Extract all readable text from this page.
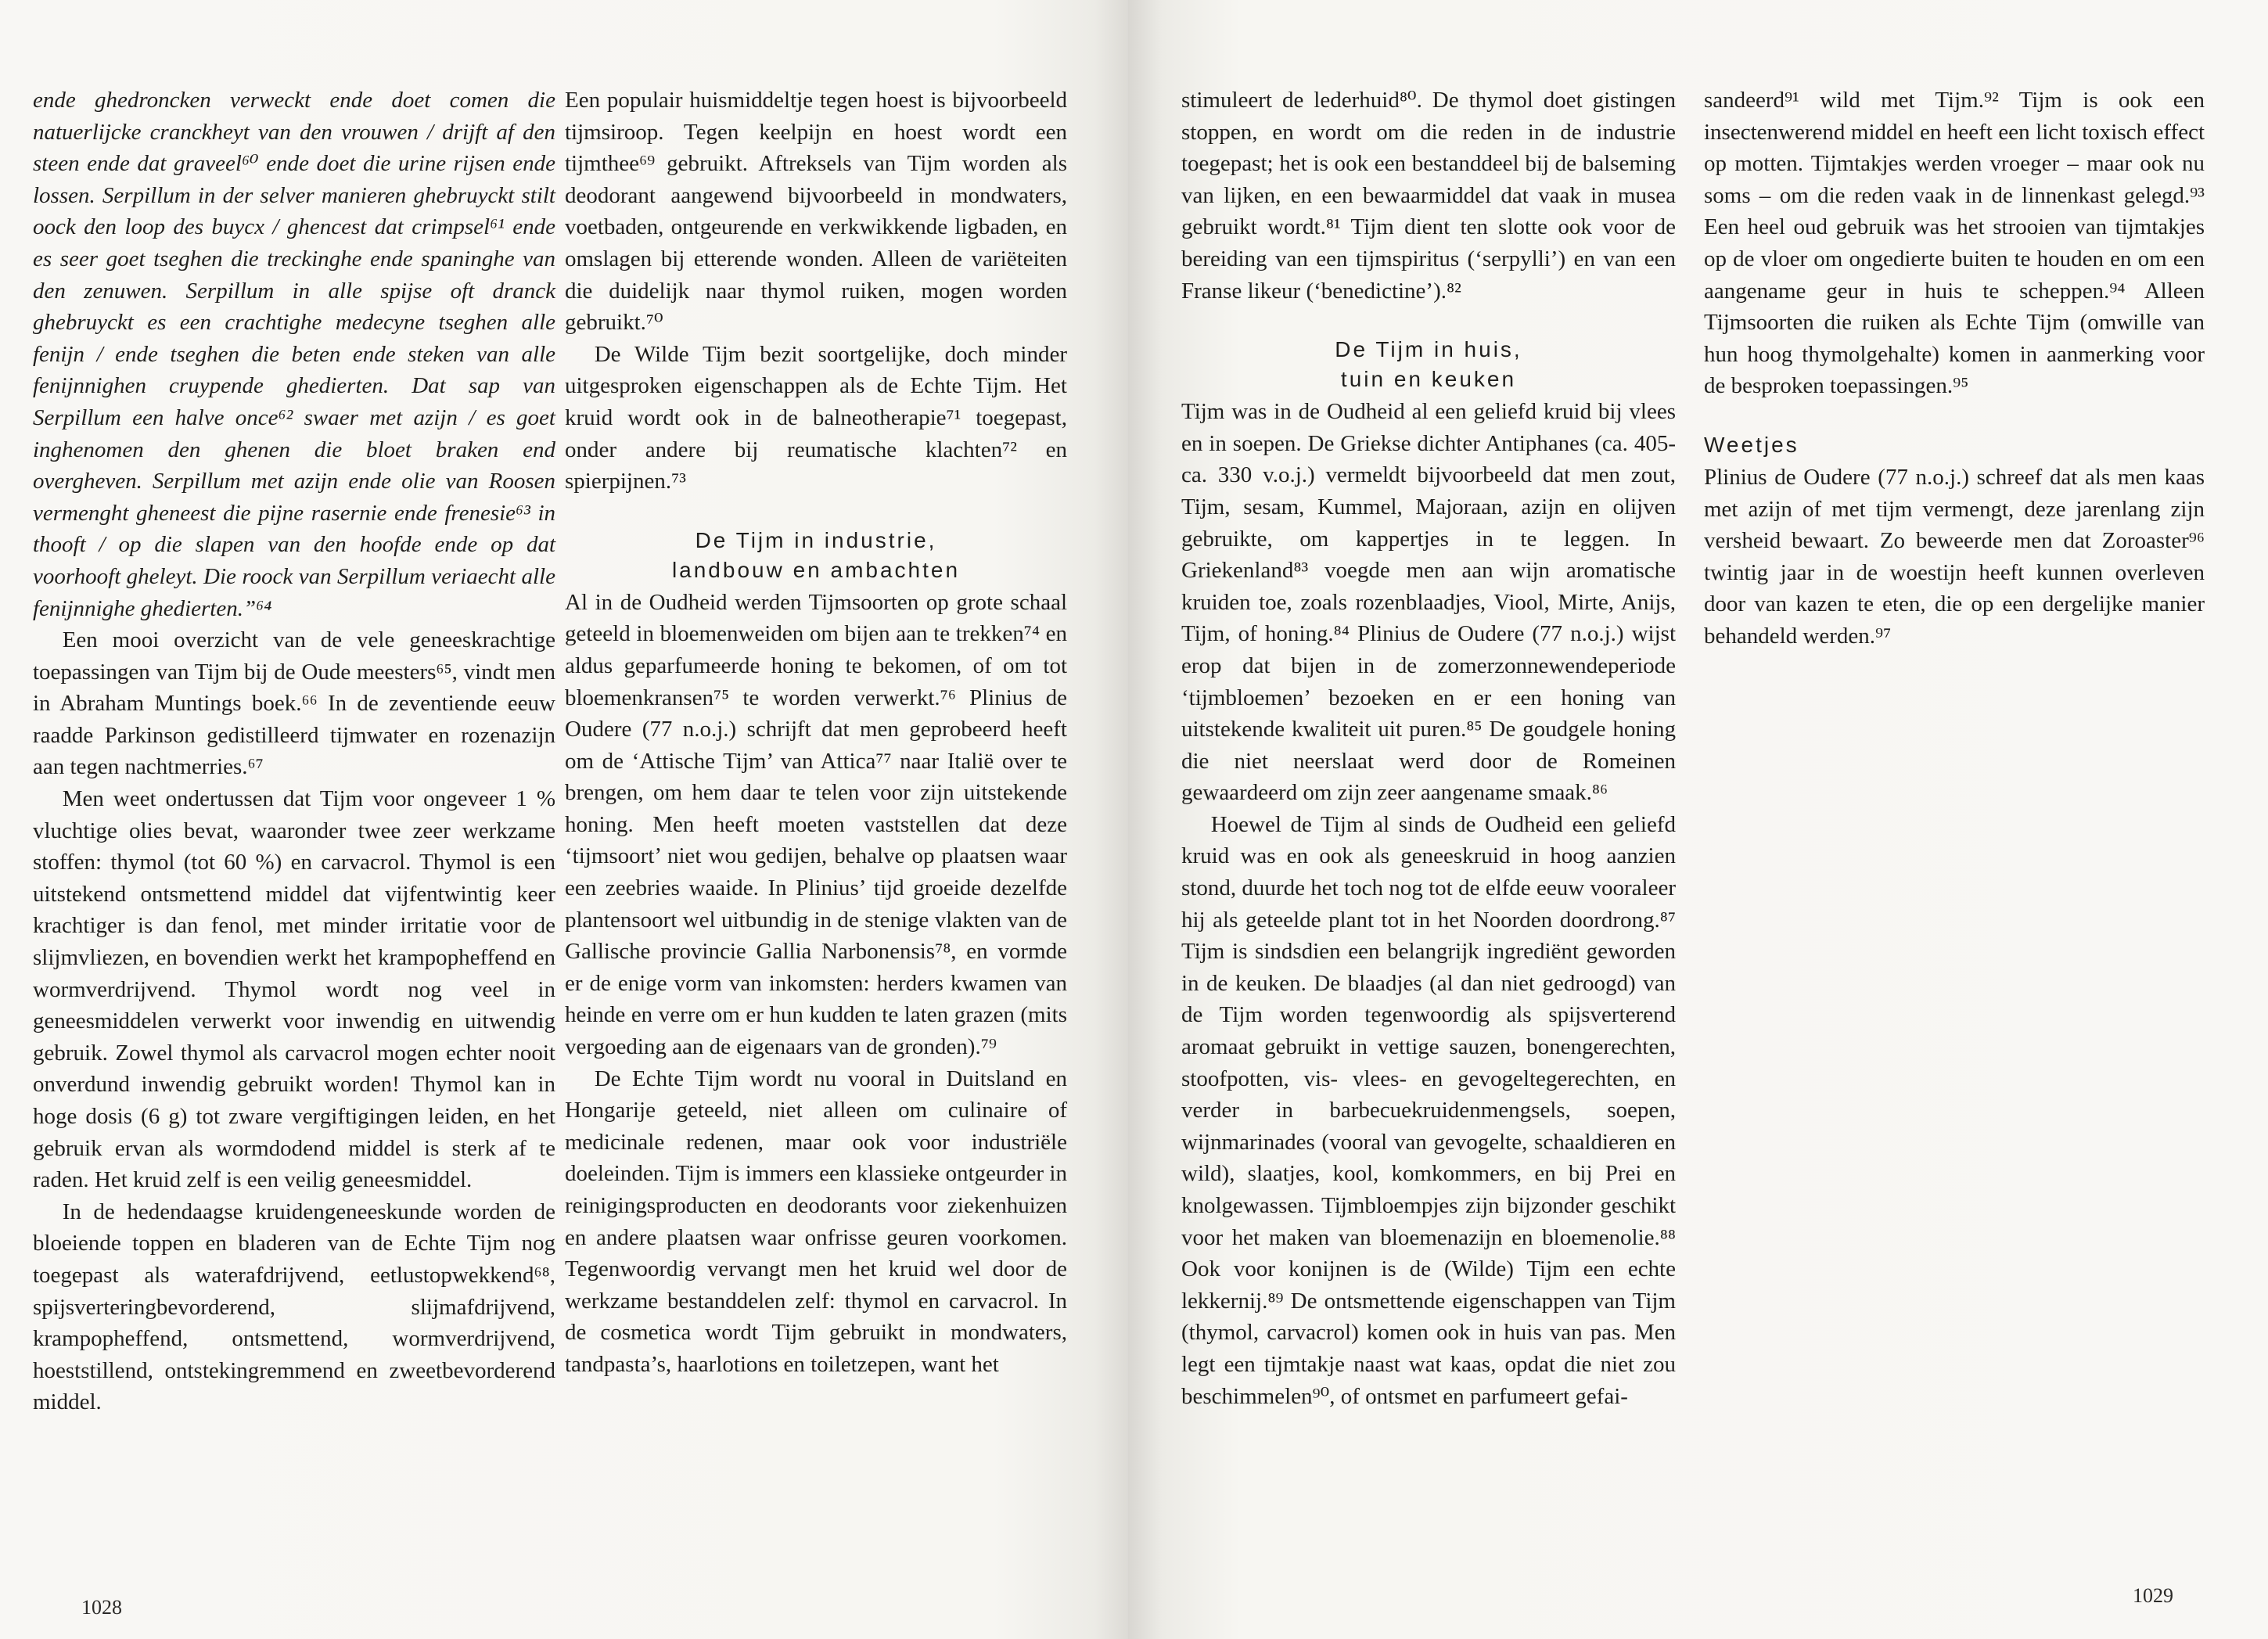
ende ghedroncken verweckt ende doet comen die natuerlijcke cranckheyt van den vrouwen / drijft af den steen ende dat graveel⁶⁰ ende doet die urine rijsen ende lossen. Serpillum in der selver manieren ghebruyckt stilt oock den loop des buycx / ghencest dat crimpsel⁶¹ ende es seer goet tseghen die treckinghe ende spaninghe van den zenuwen. Serpillum in alle spijse oft dranck ghebruyckt es een crachtighe medecyne tseghen alle fenijn / ende tseghen die beten ende steken van alle fenijnnighen cruypende ghedierten. Dat sap van Serpillum een halve once⁶² swaer met azijn / es goet inghenomen den ghenen die bloet braken end overgheven. Serpillum met azijn ende olie van Roosen vermenght gheneest die pijne rasernie ende frenesie⁶³ in thooft / op die slapen van den hoofde ende op dat voorhooft gheleyt. Die roock van Serpillum veriaecht alle fenijnnighe ghedierten.”⁶⁴

Een mooi overzicht van de vele geneeskrachtige toepassingen van Tijm bij de Oude meesters⁶⁵, vindt men in Abraham Muntings boek.⁶⁶ In de zeventiende eeuw raadde Parkinson gedistilleerd tijmwater en rozenazijn aan tegen nachtmerries.⁶⁷

Men weet ondertussen dat Tijm voor ongeveer 1 % vluchtige olies bevat, waaronder twee zeer werkzame stoffen: thymol (tot 60 %) en carvacrol. Thymol is een uitstekend ontsmettend middel dat vijfentwintig keer krachtiger is dan fenol, met minder irritatie voor de slijmvliezen, en bovendien werkt het krampopheffend en wormverdrijvend. Thymol wordt nog veel in geneesmiddelen verwerkt voor inwendig en uitwendig gebruik. Zowel thymol als carvacrol mogen echter nooit onverdund inwendig gebruikt worden! Thymol kan in hoge dosis (6 g) tot zware vergiftigingen leiden, en het gebruik ervan als wormdodend middel is sterk af te raden. Het kruid zelf is een veilig geneesmiddel.

In de hedendaagse kruidengeneeskunde worden de bloeiende toppen en bladeren van de Echte Tijm nog toegepast als waterafdrijvend, eetlustopwekkend⁶⁸, spijsverteringbevorderend, slijmafdrijvend, krampopheffend, ontsmettend, wormverdrijvend, hoeststillend, ontstekingremmend en zweetbevorderend middel.

Een populair huismiddeltje tegen hoest is bijvoorbeeld tijmsiroop. Tegen keelpijn en hoest wordt een tijmthee⁶⁹ gebruikt. Aftreksels van Tijm worden als deodorant aangewend bijvoorbeeld in mondwaters, voetbaden, ontgeurende en verkwikkende ligbaden, en omslagen bij etterende wonden. Alleen de variëteiten die duidelijk naar thymol ruiken, mogen worden gebruikt.⁷⁰

De Wilde Tijm bezit soortgelijke, doch minder uitgesproken eigenschappen als de Echte Tijm. Het kruid wordt ook in de balneotherapie⁷¹ toegepast, onder andere bij reumatische klachten⁷² en spierpijnen.⁷³

De Tijm in industrie,
landbouw en ambachten

Al in de Oudheid werden Tijmsoorten op grote schaal geteeld in bloemenweiden om bijen aan te trekken⁷⁴ en aldus geparfumeerde honing te bekomen, of om tot bloemenkransen⁷⁵ te worden verwerkt.⁷⁶ Plinius de Oudere (77 n.o.j.) schrijft dat men geprobeerd heeft om de ‘Attische Tijm’ van Attica⁷⁷ naar Italië over te brengen, om hem daar te telen voor zijn uitstekende honing. Men heeft moeten vaststellen dat deze ‘tijmsoort’ niet wou gedijen, behalve op plaatsen waar een zeebries waaide. In Plinius’ tijd groeide dezelfde plantensoort wel uitbundig in de stenige vlakten van de Gallische provincie Gallia Narbonensis⁷⁸, en vormde er de enige vorm van inkomsten: herders kwamen van heinde en verre om er hun kudden te laten grazen (mits vergoeding aan de eigenaars van de gronden).⁷⁹

De Echte Tijm wordt nu vooral in Duitsland en Hongarije geteeld, niet alleen om culinaire of medicinale redenen, maar ook voor industriële doeleinden. Tijm is immers een klassieke ontgeurder in reinigingsproducten en deodorants voor ziekenhuizen en andere plaatsen waar onfrisse geuren voorkomen. Tegenwoordig vervangt men het kruid wel door de werkzame bestanddelen zelf: thymol en carvacrol. In de cosmetica wordt Tijm gebruikt in mondwaters, tandpasta’s, haarlotions en toiletzepen, want het

1028

stimuleert de lederhuid⁸⁰. De thymol doet gistingen stoppen, en wordt om die reden in de industrie toegepast; het is ook een bestanddeel bij de balseming van lijken, en een bewaarmiddel dat vaak in musea gebruikt wordt.⁸¹ Tijm dient ten slotte ook voor de bereiding van een tijmspiritus (‘serpylli’) en van een Franse likeur (‘benedictine’).⁸²

De Tijm in huis,
tuin en keuken

Tijm was in de Oudheid al een geliefd kruid bij vlees en in soepen. De Griekse dichter Antiphanes (ca. 405-ca. 330 v.o.j.) vermeldt bijvoorbeeld dat men zout, Tijm, sesam, Kummel, Majoraan, azijn en olijven gebruikte, om kappertjes in te leggen. In Griekenland⁸³ voegde men aan wijn aromatische kruiden toe, zoals rozenblaadjes, Viool, Mirte, Anijs, Tijm, of honing.⁸⁴ Plinius de Oudere (77 n.o.j.) wijst erop dat bijen in de zomerzonnewendeperiode ‘tijmbloemen’ bezoeken en er een honing van uitstekende kwaliteit uit puren.⁸⁵ De goudgele honing die niet neerslaat werd door de Romeinen gewaardeerd om zijn zeer aangename smaak.⁸⁶

Hoewel de Tijm al sinds de Oudheid een geliefd kruid was en ook als geneeskruid in hoog aanzien stond, duurde het toch nog tot de elfde eeuw vooraleer hij als geteelde plant tot in het Noorden doordrong.⁸⁷ Tijm is sindsdien een belangrijk ingrediënt geworden in de keuken. De blaadjes (al dan niet gedroogd) van de Tijm worden tegenwoordig als spijsverterend aromaat gebruikt in vettige sauzen, bonengerechten, stoofpotten, vis- vlees- en gevogeltegerechten, en verder in barbecuekruidenmengsels, soepen, wijnmarinades (vooral van gevogelte, schaaldieren en wild), slaatjes, kool, komkommers, en bij Prei en knolgewassen. Tijmbloempjes zijn bijzonder geschikt voor het maken van bloemenazijn en bloemenolie.⁸⁸ Ook voor konijnen is de (Wilde) Tijm een echte lekkernij.⁸⁹ De ontsmettende eigenschappen van Tijm (thymol, carvacrol) komen ook in huis van pas. Men legt een tijmtakje naast wat kaas, opdat die niet zou beschimmelen⁹⁰, of ontsmet en parfumeert gefai-

sandeerd⁹¹ wild met Tijm.⁹² Tijm is ook een insectenwerend middel en heeft een licht toxisch effect op motten. Tijmtakjes werden vroeger – maar ook nu soms – om die reden vaak in de linnenkast gelegd.⁹³ Een heel oud gebruik was het strooien van tijmtakjes op de vloer om ongedierte buiten te houden en om een aangename geur in huis te scheppen.⁹⁴ Alleen Tijmsoorten die ruiken als Echte Tijm (omwille van hun hoog thymolgehalte) komen in aanmerking voor de besproken toepassingen.⁹⁵

Weetjes

Plinius de Oudere (77 n.o.j.) schreef dat als men kaas met azijn of met tijm vermengt, deze jarenlang zijn versheid bewaart. Zo beweerde men dat Zoroaster⁹⁶ twintig jaar in de woestijn heeft kunnen overleven door van kazen te eten, die op een dergelijke manier behandeld werden.⁹⁷

1029
